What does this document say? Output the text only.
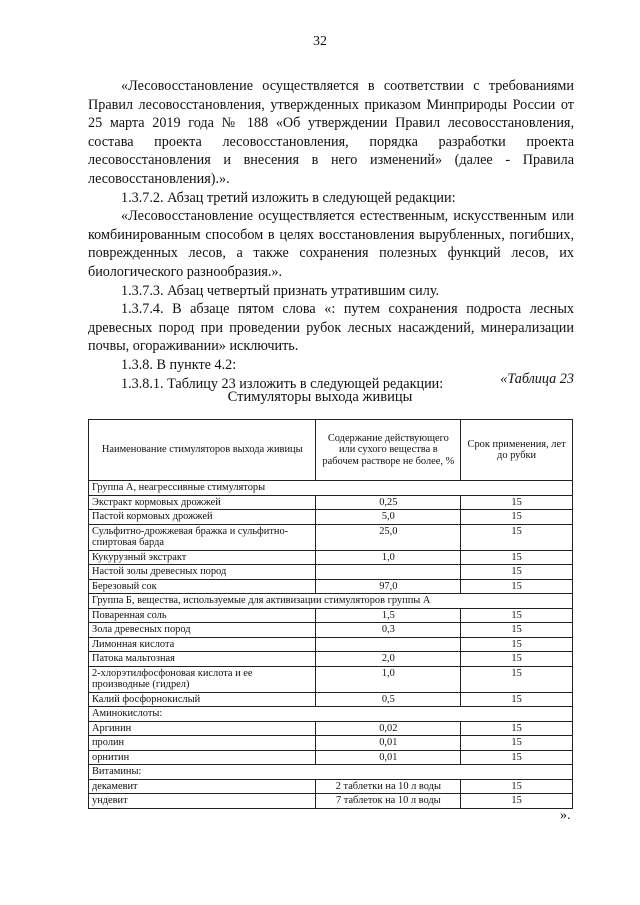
32

«Лесовосстановление осуществляется в соответствии с требованиями Правил лесовосстановления, утвержденных приказом Минприроды России от 25 марта 2019 года № 188 «Об утверждении Правил лесовосстановления, состава проекта лесовосстановления, порядка разработки проекта лесовосстановления и внесения в него изменений» (далее - Правила лесовосстановления).».

1.3.7.2. Абзац третий изложить в следующей редакции:

«Лесовосстановление осуществляется естественным, искусственным или комбинированным способом в целях восстановления вырубленных, погибших, поврежденных лесов, а также сохранения полезных функций лесов, их биологического разнообразия.».

1.3.7.3. Абзац четвертый признать утратившим силу.

1.3.7.4. В абзаце пятом слова «: путем сохранения подроста лесных древесных пород при проведении рубок лесных насаждений, минерализации почвы, огораживании» исключить.

1.3.8. В пункте 4.2:

1.3.8.1. Таблицу 23 изложить в следующей редакции:	«Таблица 23
Стимуляторы выхода живицы
Наименование стимуляторов выхода живицы	Содержание действующего или сухого вещества в рабочем растворе не более, %	Срок применения, лет до рубки
Группа А, неагрессивные стимуляторы		
Экстракт кормовых дрожжей	0,25	15
Пастой кормовых дрожжей	5,0	15
Сульфитно-дрожжевая бражка и сульфитно-спиртовая барда	25,0	15
Кукурузный экстракт	1,0	15
Настой золы древесных пород		15
Березовый сок	97,0	15
Группа Б, вещества, используемые для активизации стимуляторов группы А		
Поваренная соль	1,5	15
Зола древесных пород	0,3	15
Лимонная кислота		15
Патока мальтозная	2,0	15
2-хлорэтилфосфоновая кислота и ее производные (гидрел)	1,0	15
Калий фосфорнокислый	0,5	15
Аминокислоты:		
Аргинин	0,02	15
пролин	0,01	15
орнитин	0,01	15
Витамины:		
декамевит	2 таблетки на 10 л воды	15
ундевит	7 таблеток на 10 л воды	15
».
